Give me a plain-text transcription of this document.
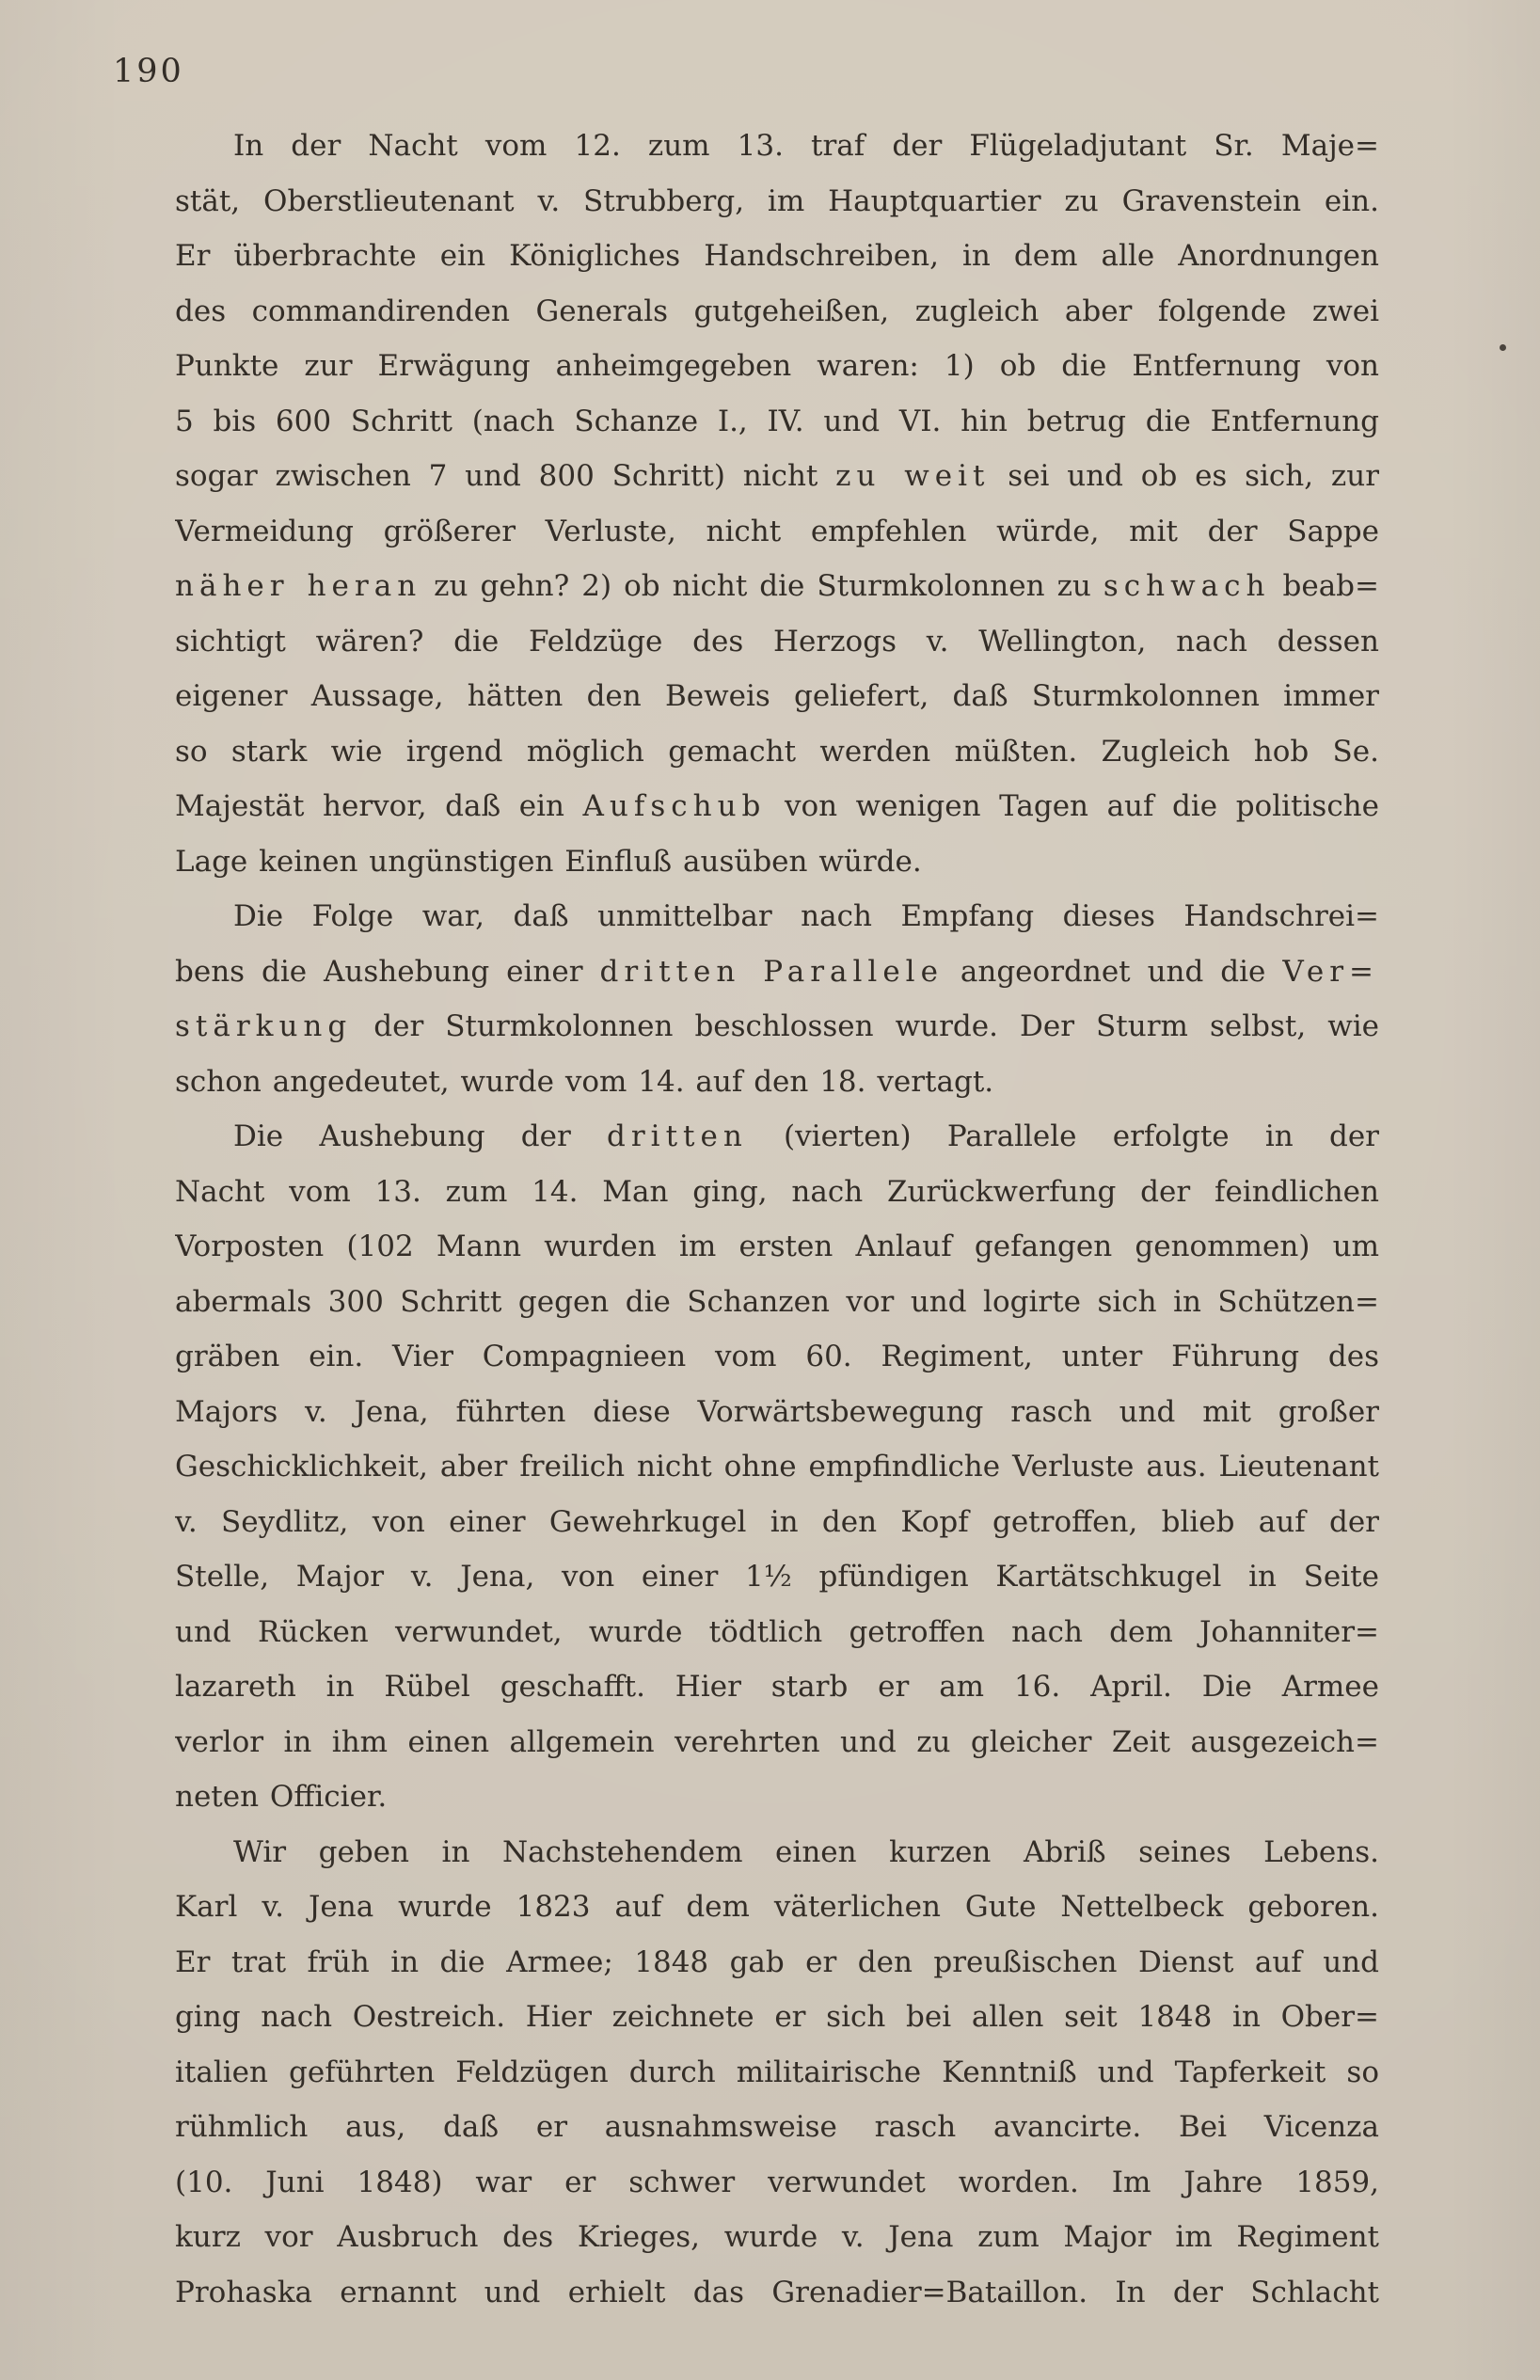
190
In der Nacht vom 12. zum 13. traf der Flügeladjutant Sr. Maje=
stät, Oberstlieutenant v. Strubberg, im Hauptquartier zu Gravenstein ein.
Er überbrachte ein Königliches Handschreiben, in dem alle Anordnungen
des commandirenden Generals gutgeheißen, zugleich aber folgende zwei
Punkte zur Erwägung anheimgegeben waren: 1) ob die Entfernung von
5 bis 600 Schritt (nach Schanze I., IV. und VI. hin betrug die Entfernung
sogar zwischen 7 und 800 Schritt) nicht zu weit sei und ob es sich, zur
Vermeidung größerer Verluste, nicht empfehlen würde, mit der Sappe
näher heran zu gehn? 2) ob nicht die Sturmkolonnen zu schwach beab=
sichtigt wären? die Feldzüge des Herzogs v. Wellington, nach dessen
eigener Aussage, hätten den Beweis geliefert, daß Sturmkolonnen immer
so stark wie irgend möglich gemacht werden müßten. Zugleich hob Se.
Majestät hervor, daß ein Aufschub von wenigen Tagen auf die politische
Lage keinen ungünstigen Einfluß ausüben würde.
Die Folge war, daß unmittelbar nach Empfang dieses Handschrei=
bens die Aushebung einer dritten Parallele angeordnet und die Ver=
stärkung der Sturmkolonnen beschlossen wurde. Der Sturm selbst, wie
schon angedeutet, wurde vom 14. auf den 18. vertagt.
Die Aushebung der dritten (vierten) Parallele erfolgte in der
Nacht vom 13. zum 14. Man ging, nach Zurückwerfung der feindlichen
Vorposten (102 Mann wurden im ersten Anlauf gefangen genommen) um
abermals 300 Schritt gegen die Schanzen vor und logirte sich in Schützen=
gräben ein. Vier Compagnieen vom 60. Regiment, unter Führung des
Majors v. Jena, führten diese Vorwärtsbewegung rasch und mit großer
Geschicklichkeit, aber freilich nicht ohne empfindliche Verluste aus. Lieutenant
v. Seydlitz, von einer Gewehrkugel in den Kopf getroffen, blieb auf der
Stelle, Major v. Jena, von einer 1½ pfündigen Kartätschkugel in Seite
und Rücken verwundet, wurde tödtlich getroffen nach dem Johanniter=
lazareth in Rübel geschafft. Hier starb er am 16. April. Die Armee
verlor in ihm einen allgemein verehrten und zu gleicher Zeit ausgezeich=
neten Officier.
Wir geben in Nachstehendem einen kurzen Abriß seines Lebens.
Karl v. Jena wurde 1823 auf dem väterlichen Gute Nettelbeck geboren.
Er trat früh in die Armee; 1848 gab er den preußischen Dienst auf und
ging nach Oestreich. Hier zeichnete er sich bei allen seit 1848 in Ober=
italien geführten Feldzügen durch militairische Kenntniß und Tapferkeit so
rühmlich aus, daß er ausnahmsweise rasch avancirte. Bei Vicenza
(10. Juni 1848) war er schwer verwundet worden. Im Jahre 1859,
kurz vor Ausbruch des Krieges, wurde v. Jena zum Major im Regiment
Prohaska ernannt und erhielt das Grenadier=Bataillon. In der Schlacht
